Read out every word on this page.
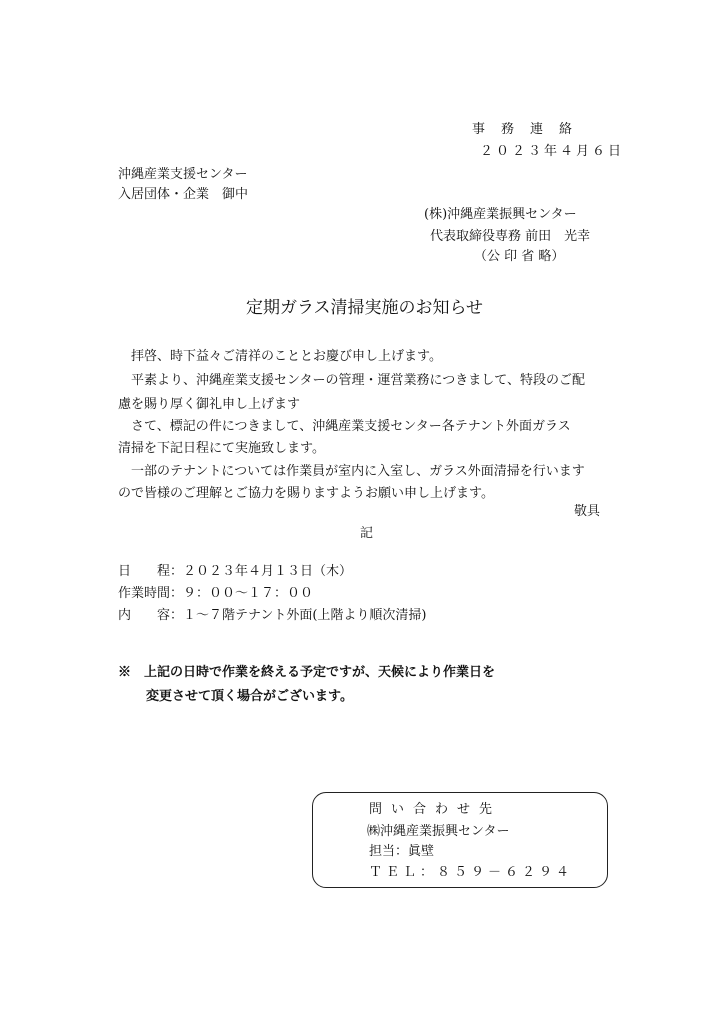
事務連絡
２０２３年４月６日
沖縄産業支援センター
入居団体・企業　御中
(株)沖縄産業振興センター
代表取締役専務 前田　光幸
（公 印 省 略）
定期ガラス清掃実施のお知らせ
拝啓、時下益々ご清祥のこととお慶び申し上げます。
平素より、沖縄産業支援センターの管理・運営業務につきまして、特段のご配
慮を賜り厚く御礼申し上げます
さて、標記の件につきまして、沖縄産業支援センター各テナント外面ガラス
清掃を下記日程にて実施致します。
一部のテナントについては作業員が室内に入室し、ガラス外面清掃を行います
ので皆様のご理解とご協力を賜りますようお願い申し上げます。
敬具
記
日　　程：２０２３年４月１３日（木）
作業時間：９：００〜１７：００
内　　容：１〜７階テナント外面(上階より順次清掃)
※　上記の日時で作業を終える予定ですが、天候により作業日を
変更させて頂く場合がございます。
問い合わせ先
㈱沖縄産業振興センター
担当：眞壁
ＴＥＬ：８５９－６２９４
